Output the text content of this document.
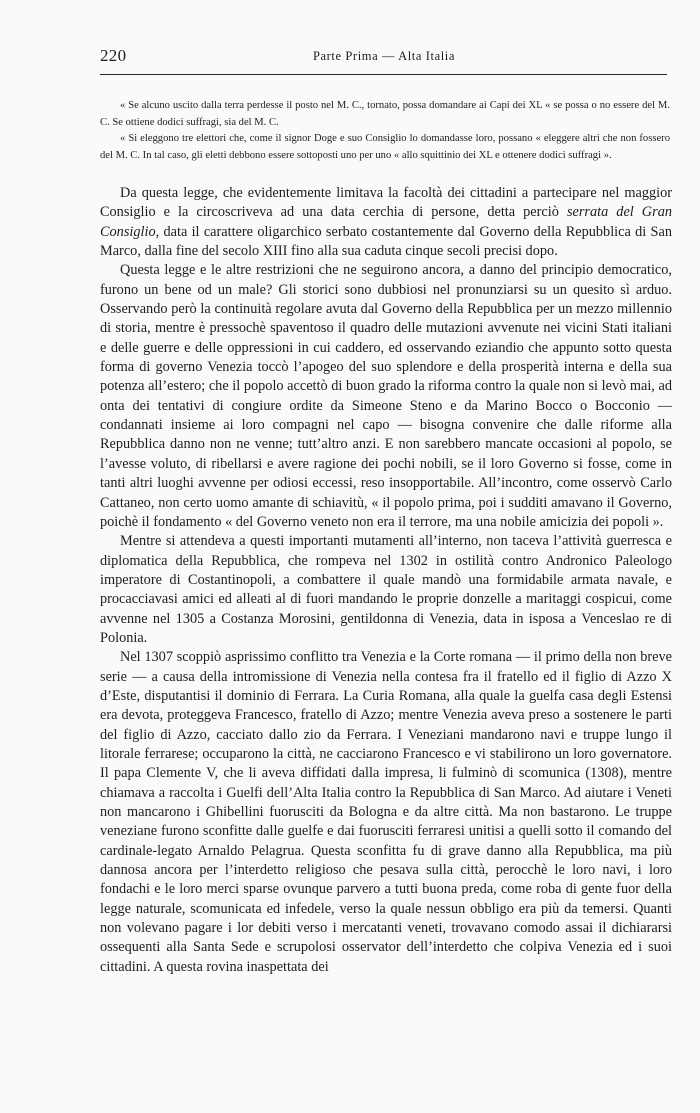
220	Parte Prima — Alta Italia

« Se alcuno uscito dalla terra perdesse il posto nel M. C., tornato, possa domandare ai Capi dei XL « se possa o no essere del M. C. Se ottiene dodici suffragi, sia del M. C.

« Si eleggono tre elettori che, come il signor Doge e suo Consiglio lo domandasse loro, possano « eleggere altri che non fossero del M. C. In tal caso, gli eletti debbono essere sottoposti uno per uno « allo squittinio dei XL e ottenere dodici suffragi ».

Da questa legge, che evidentemente limitava la facoltà dei cittadini a partecipare nel maggior Consiglio e la circoscriveva ad una data cerchia di persone, detta perciò serrata del Gran Consiglio, data il carattere oligarchico serbato costantemente dal Governo della Repubblica di San Marco, dalla fine del secolo XIII fino alla sua caduta cinque secoli precisi dopo.

Questa legge e le altre restrizioni che ne seguirono ancora, a danno del principio democratico, furono un bene od un male? Gli storici sono dubbiosi nel pronunziarsi su un quesito sì arduo. Osservando però la continuità regolare avuta dal Governo della Repubblica per un mezzo millennio di storia, mentre è pressochè spaventoso il quadro delle mutazioni avvenute nei vicini Stati italiani e delle guerre e delle oppressioni in cui caddero, ed osservando eziandio che appunto sotto questa forma di governo Venezia toccò l’apogeo del suo splendore e della prosperità interna e della sua potenza all’estero; che il popolo accettò di buon grado la riforma contro la quale non si levò mai, ad onta dei tentativi di congiure ordite da Simeone Steno e da Marino Bocco o Bocconio — condannati insieme ai loro compagni nel capo — bisogna convenire che dalle riforme alla Repubblica danno non ne venne; tutt’altro anzi. E non sarebbero mancate occasioni al popolo, se l’avesse voluto, di ribellarsi e avere ragione dei pochi nobili, se il loro Governo si fosse, come in tanti altri luoghi avvenne per odiosi eccessi, reso insopportabile. All’incontro, come osservò Carlo Cattaneo, non certo uomo amante di schiavitù, « il popolo prima, poi i sudditi amavano il Governo, poichè il fondamento « del Governo veneto non era il terrore, ma una nobile amicizia dei popoli ».

Mentre si attendeva a questi importanti mutamenti all’interno, non taceva l’attività guerresca e diplomatica della Repubblica, che rompeva nel 1302 in ostilità contro Andronico Paleologo imperatore di Costantinopoli, a combattere il quale mandò una formidabile armata navale, e procacciavasi amici ed alleati al di fuori mandando le proprie donzelle a maritaggi cospicui, come avvenne nel 1305 a Costanza Morosini, gentildonna di Venezia, data in isposa a Venceslao re di Polonia.

Nel 1307 scoppiò asprissimo conflitto tra Venezia e la Corte romana — il primo della non breve serie — a causa della intromissione di Venezia nella contesa fra il fratello ed il figlio di Azzo X d’Este, disputantisi il dominio di Ferrara. La Curia Romana, alla quale la guelfa casa degli Estensi era devota, proteggeva Francesco, fratello di Azzo; mentre Venezia aveva preso a sostenere le parti del figlio di Azzo, cacciato dallo zio da Ferrara. I Veneziani mandarono navi e truppe lungo il litorale ferrarese; occuparono la città, ne cacciarono Francesco e vi stabilirono un loro governatore. Il papa Clemente V, che li aveva diffidati dalla impresa, li fulminò di scomunica (1308), mentre chiamava a raccolta i Guelfi dell’Alta Italia contro la Repubblica di San Marco. Ad aiutare i Veneti non mancarono i Ghibellini fuorusciti da Bologna e da altre città. Ma non bastarono. Le truppe veneziane furono sconfitte dalle guelfe e dai fuorusciti ferraresi unitisi a quelli sotto il comando del cardinale-legato Arnaldo Pelagrua. Questa sconfitta fu di grave danno alla Repubblica, ma più dannosa ancora per l’interdetto religioso che pesava sulla città, perocchè le loro navi, i loro fondachi e le loro merci sparse ovunque parvero a tutti buona preda, come roba di gente fuor della legge naturale, scomunicata ed infedele, verso la quale nessun obbligo era più da temersi. Quanti non volevano pagare i lor debiti verso i mercatanti veneti, trovavano comodo assai il dichiararsi ossequenti alla Santa Sede e scrupolosi osservator dell’interdetto che colpiva Venezia ed i suoi cittadini. A questa rovina inaspettata dei
